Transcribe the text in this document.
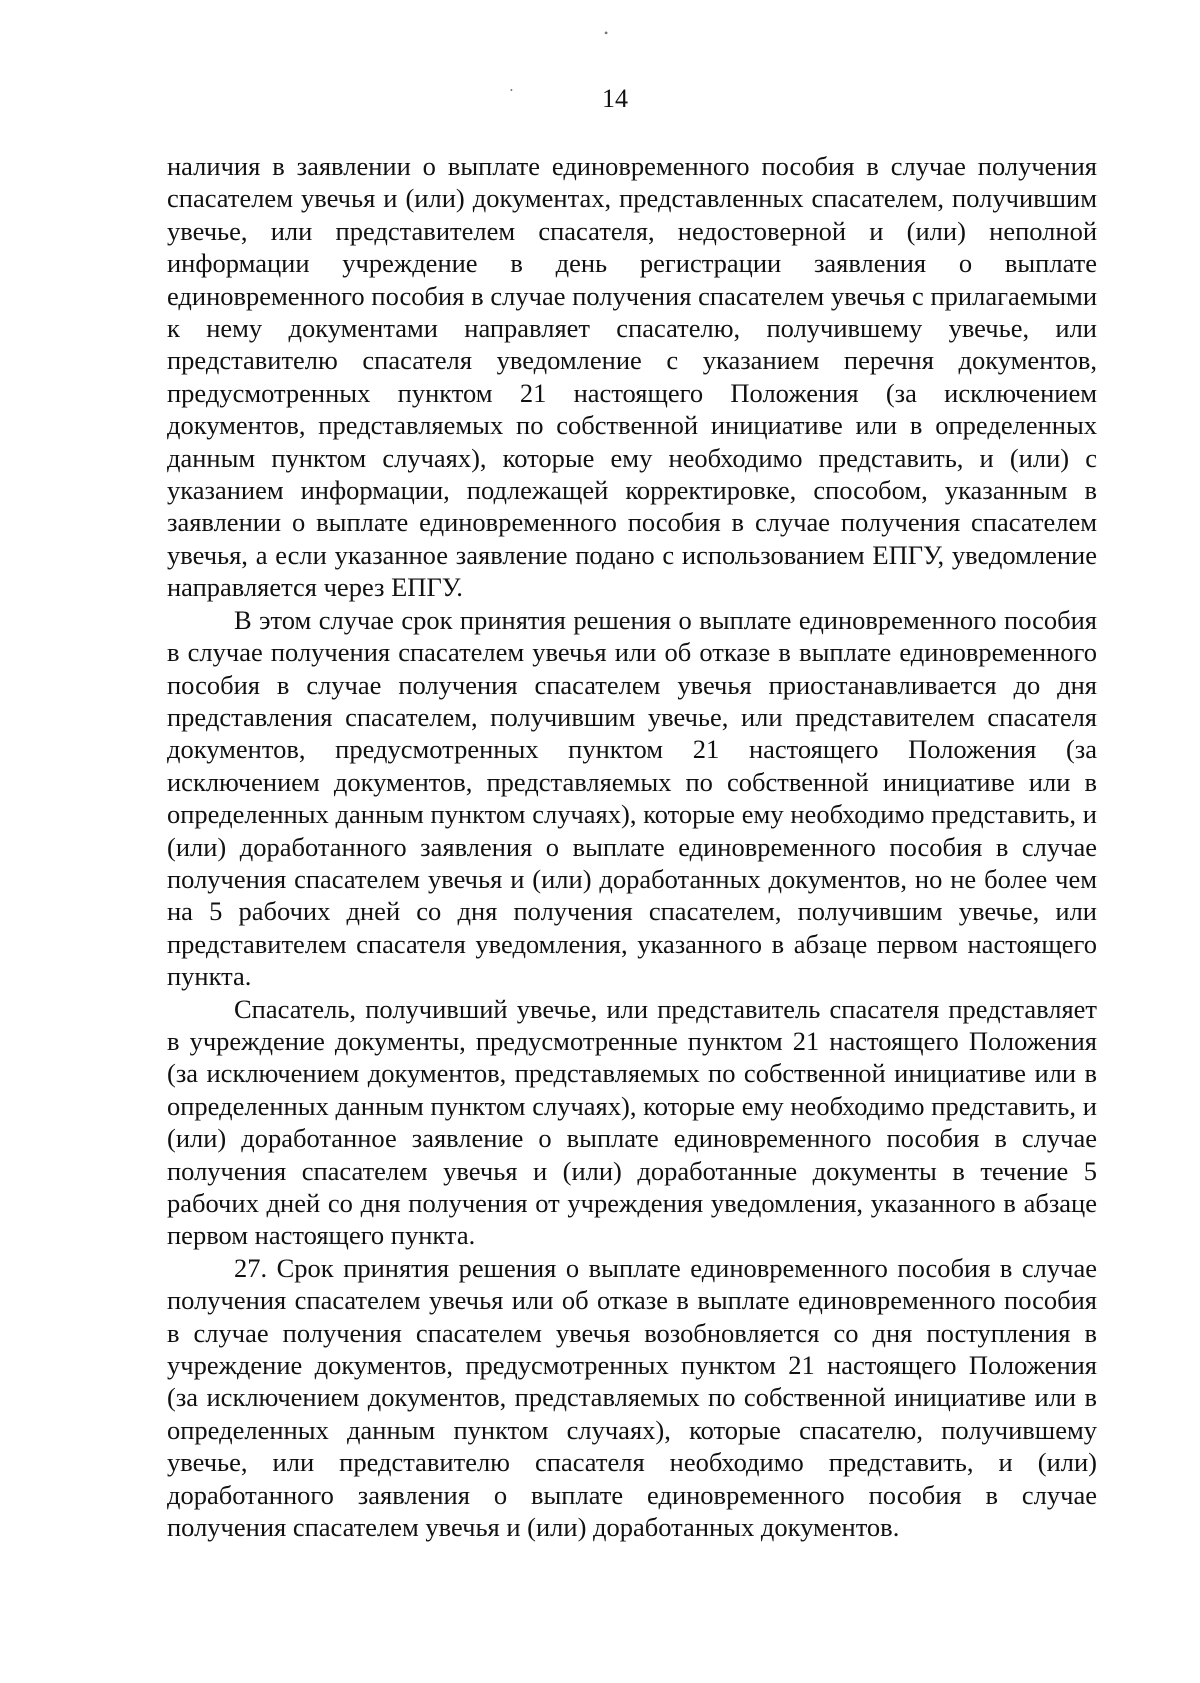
•
•	14

наличия в заявлении о выплате единовременного пособия в случае получения спасателем увечья и (или) документах, представленных спасателем, получившим увечье, или представителем спасателя, недостоверной и (или) неполной информации учреждение в день регистрации заявления о выплате единовременного пособия в случае получения спасателем увечья с прилагаемыми к нему документами направляет спасателю, получившему увечье, или представителю спасателя уведомление с указанием перечня документов, предусмотренных пунктом 21 настоящего Положения (за исключением документов, представляемых по собственной инициативе или в определенных данным пунктом случаях), которые ему необходимо представить, и (или) с указанием информации, подлежащей корректировке, способом, указанным в заявлении о выплате единовременного пособия в случае получения спасателем увечья, а если указанное заявление подано с использованием ЕПГУ, уведомление направляется через ЕПГУ.

В этом случае срок принятия решения о выплате единовременного пособия в случае получения спасателем увечья или об отказе в выплате единовременного пособия в случае получения спасателем увечья приостанавливается до дня представления спасателем, получившим увечье, или представителем спасателя документов, предусмотренных пунктом 21 настоящего Положения (за исключением документов, представляемых по собственной инициативе или в определенных данным пунктом случаях), которые ему необходимо представить, и (или) доработанного заявления о выплате единовременного пособия в случае получения спасателем увечья и (или) доработанных документов, но не более чем на 5 рабочих дней со дня получения спасателем, получившим увечье, или представителем спасателя уведомления, указанного в абзаце первом настоящего пункта.

Спасатель, получивший увечье, или представитель спасателя представляет в учреждение документы, предусмотренные пунктом 21 настоящего Положения (за исключением документов, представляемых по собственной инициативе или в определенных данным пунктом случаях), которые ему необходимо представить, и (или) доработанное заявление о выплате единовременного пособия в случае получения спасателем увечья и (или) доработанные документы в течение 5 рабочих дней со дня получения от учреждения уведомления, указанного в абзаце первом настоящего пункта.

27. Срок принятия решения о выплате единовременного пособия в случае получения спасателем увечья или об отказе в выплате единовременного пособия в случае получения спасателем увечья возобновляется со дня поступления в учреждение документов, предусмотренных пунктом 21 настоящего Положения (за исключением документов, представляемых по собственной инициативе или в определенных данным пунктом случаях), которые спасателю, получившему увечье, или представителю спасателя необходимо представить, и (или) доработанного заявления о выплате единовременного пособия в случае получения спасателем увечья и (или) доработанных документов.
